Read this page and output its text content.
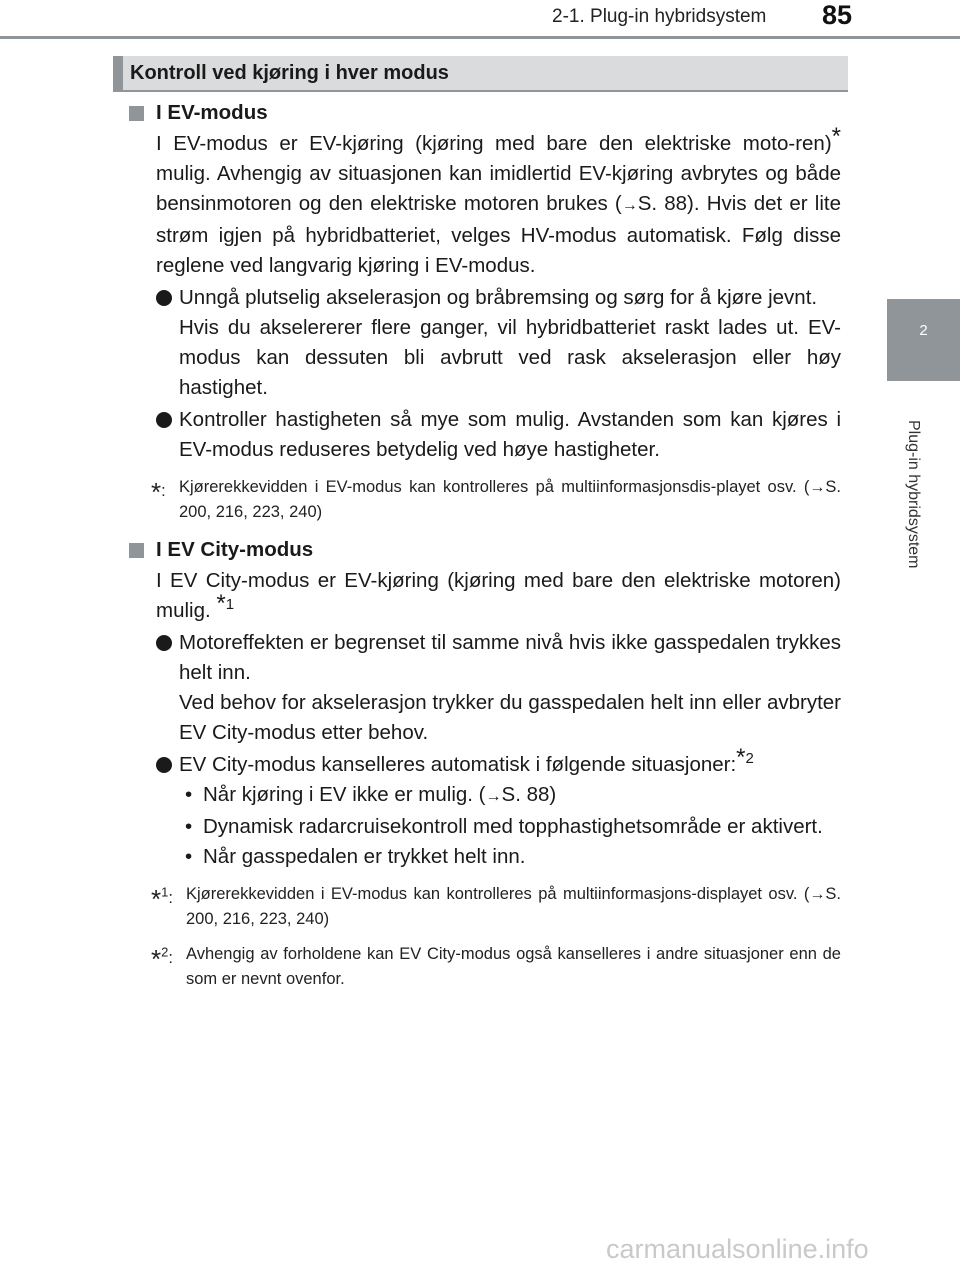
2-1. Plug-in hybridsystem 85
2
Plug-in hybridsystem
Kontroll ved kjøring i hver modus
I EV-modus
I EV-modus er EV-kjøring (kjøring med bare den elektriske moto-ren)* mulig. Avhengig av situasjonen kan imidlertid EV-kjøring avbrytes og både bensinmotoren og den elektriske motoren brukes (→S. 88). Hvis det er lite strøm igjen på hybridbatteriet, velges HV-modus automatisk. Følg disse reglene ved langvarig kjøring i EV-modus.
Unngå plutselig akselerasjon og bråbremsing og sørg for å kjøre jevnt.
Hvis du akselererer flere ganger, vil hybridbatteriet raskt lades ut. EV-modus kan dessuten bli avbrutt ved rask akselerasjon eller høy hastighet.
Kontroller hastigheten så mye som mulig. Avstanden som kan kjøres i EV-modus reduseres betydelig ved høye hastigheter.
*: Kjørerekkevidden i EV-modus kan kontrolleres på multiinformasjonsdis-playet osv. (→S. 200, 216, 223, 240)
I EV City-modus
I EV City-modus er EV-kjøring (kjøring med bare den elektriske motoren) mulig. $^{*1}$
Motoreffekten er begrenset til samme nivå hvis ikke gasspedalen trykkes helt inn.
Ved behov for akselerasjon trykker du gasspedalen helt inn eller avbryter EV City-modus etter behov.
EV City-modus kanselleres automatisk i følgende situasjoner:$^{*2}$
• Når kjøring i EV ikke er mulig. (→S. 88)
• Dynamisk radarcruisekontroll med topphastighetsområde er aktivert.
• Når gasspedalen er trykket helt inn.
*$^1$: Kjørerekkevidden i EV-modus kan kontrolleres på multiinformasjons-displayet osv. (→S. 200, 216, 223, 240)
*$^2$: Avhengig av forholdene kan EV City-modus også kanselleres i andre situasjoner enn de som er nevnt ovenfor.
carmanualsonline.info
